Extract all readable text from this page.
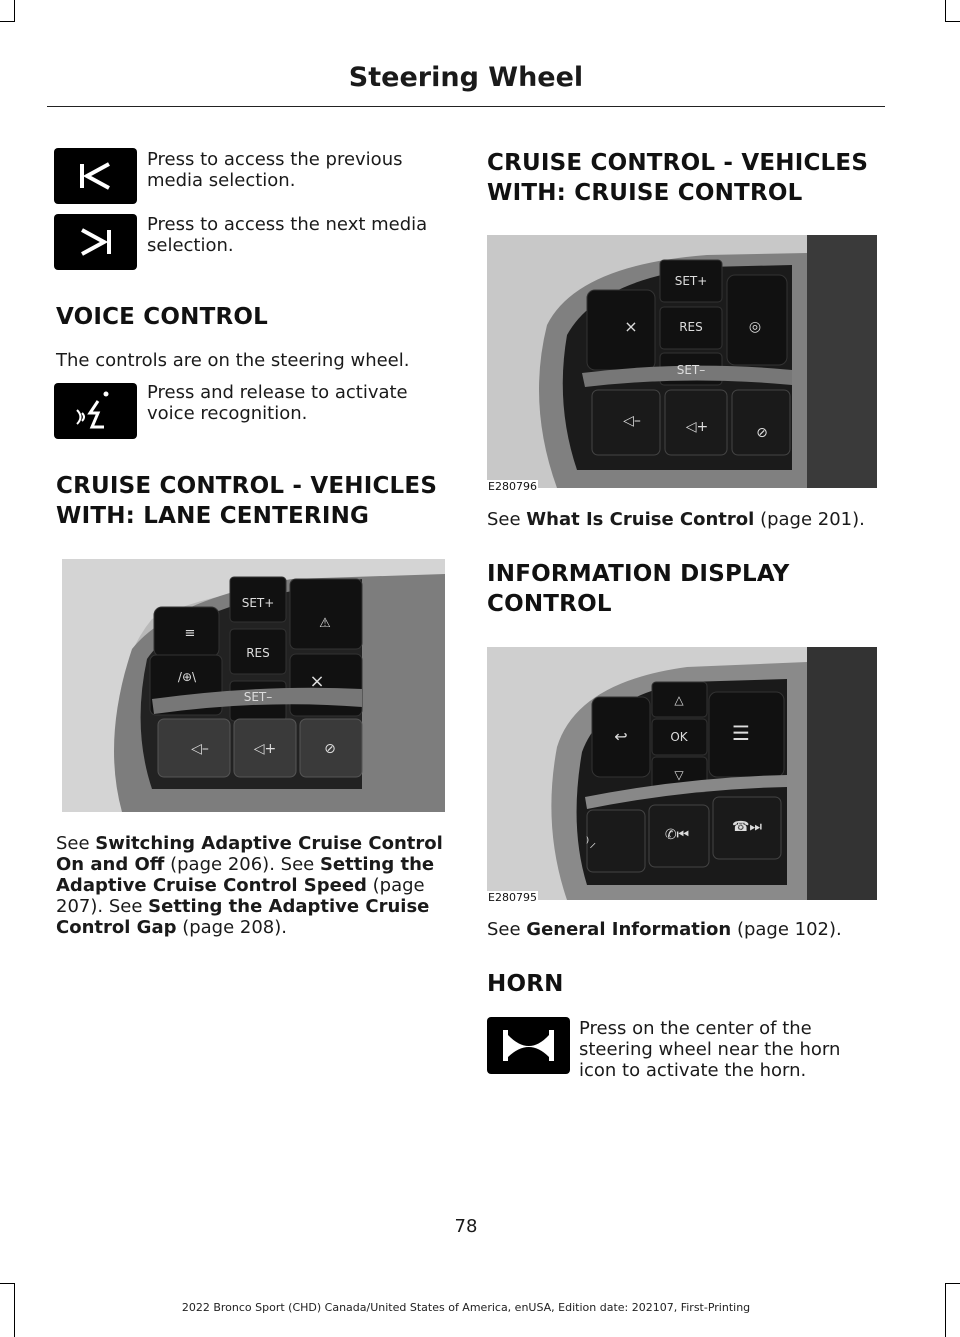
Steering Wheel
Press to access the previous media selection.
Press to access the next media selection.
VOICE CONTROL
The controls are on the steering wheel.
Press and release to activate voice recognition.
CRUISE CONTROL - VEHICLES
WITH: LANE CENTERING
SET+
RES
SET–
×
≡
/⊕\
⚠
◁–	◁+	⊘
See Switching Adaptive Cruise Control On and Off (page 206). See Setting the Adaptive Cruise Control Speed (page 207). See Setting the Adaptive Cruise Control Gap (page 208).
CRUISE CONTROL - VEHICLES
WITH: CRUISE CONTROL
SET+
RES
SET–
×	◎
◁–	◁+	⊘
E280796
See What Is Cruise Control (page 201).
INFORMATION DISPLAY
CONTROL
△
OK
▽
↩	☰
⁾⸝	✆⏮	☎⏭
E280795
See General Information (page 102).
HORN
Press on the center of the steering wheel near the horn icon to activate the horn.
78
2022 Bronco Sport (CHD) Canada/United States of America, enUSA, Edition date: 202107, First-Printing
